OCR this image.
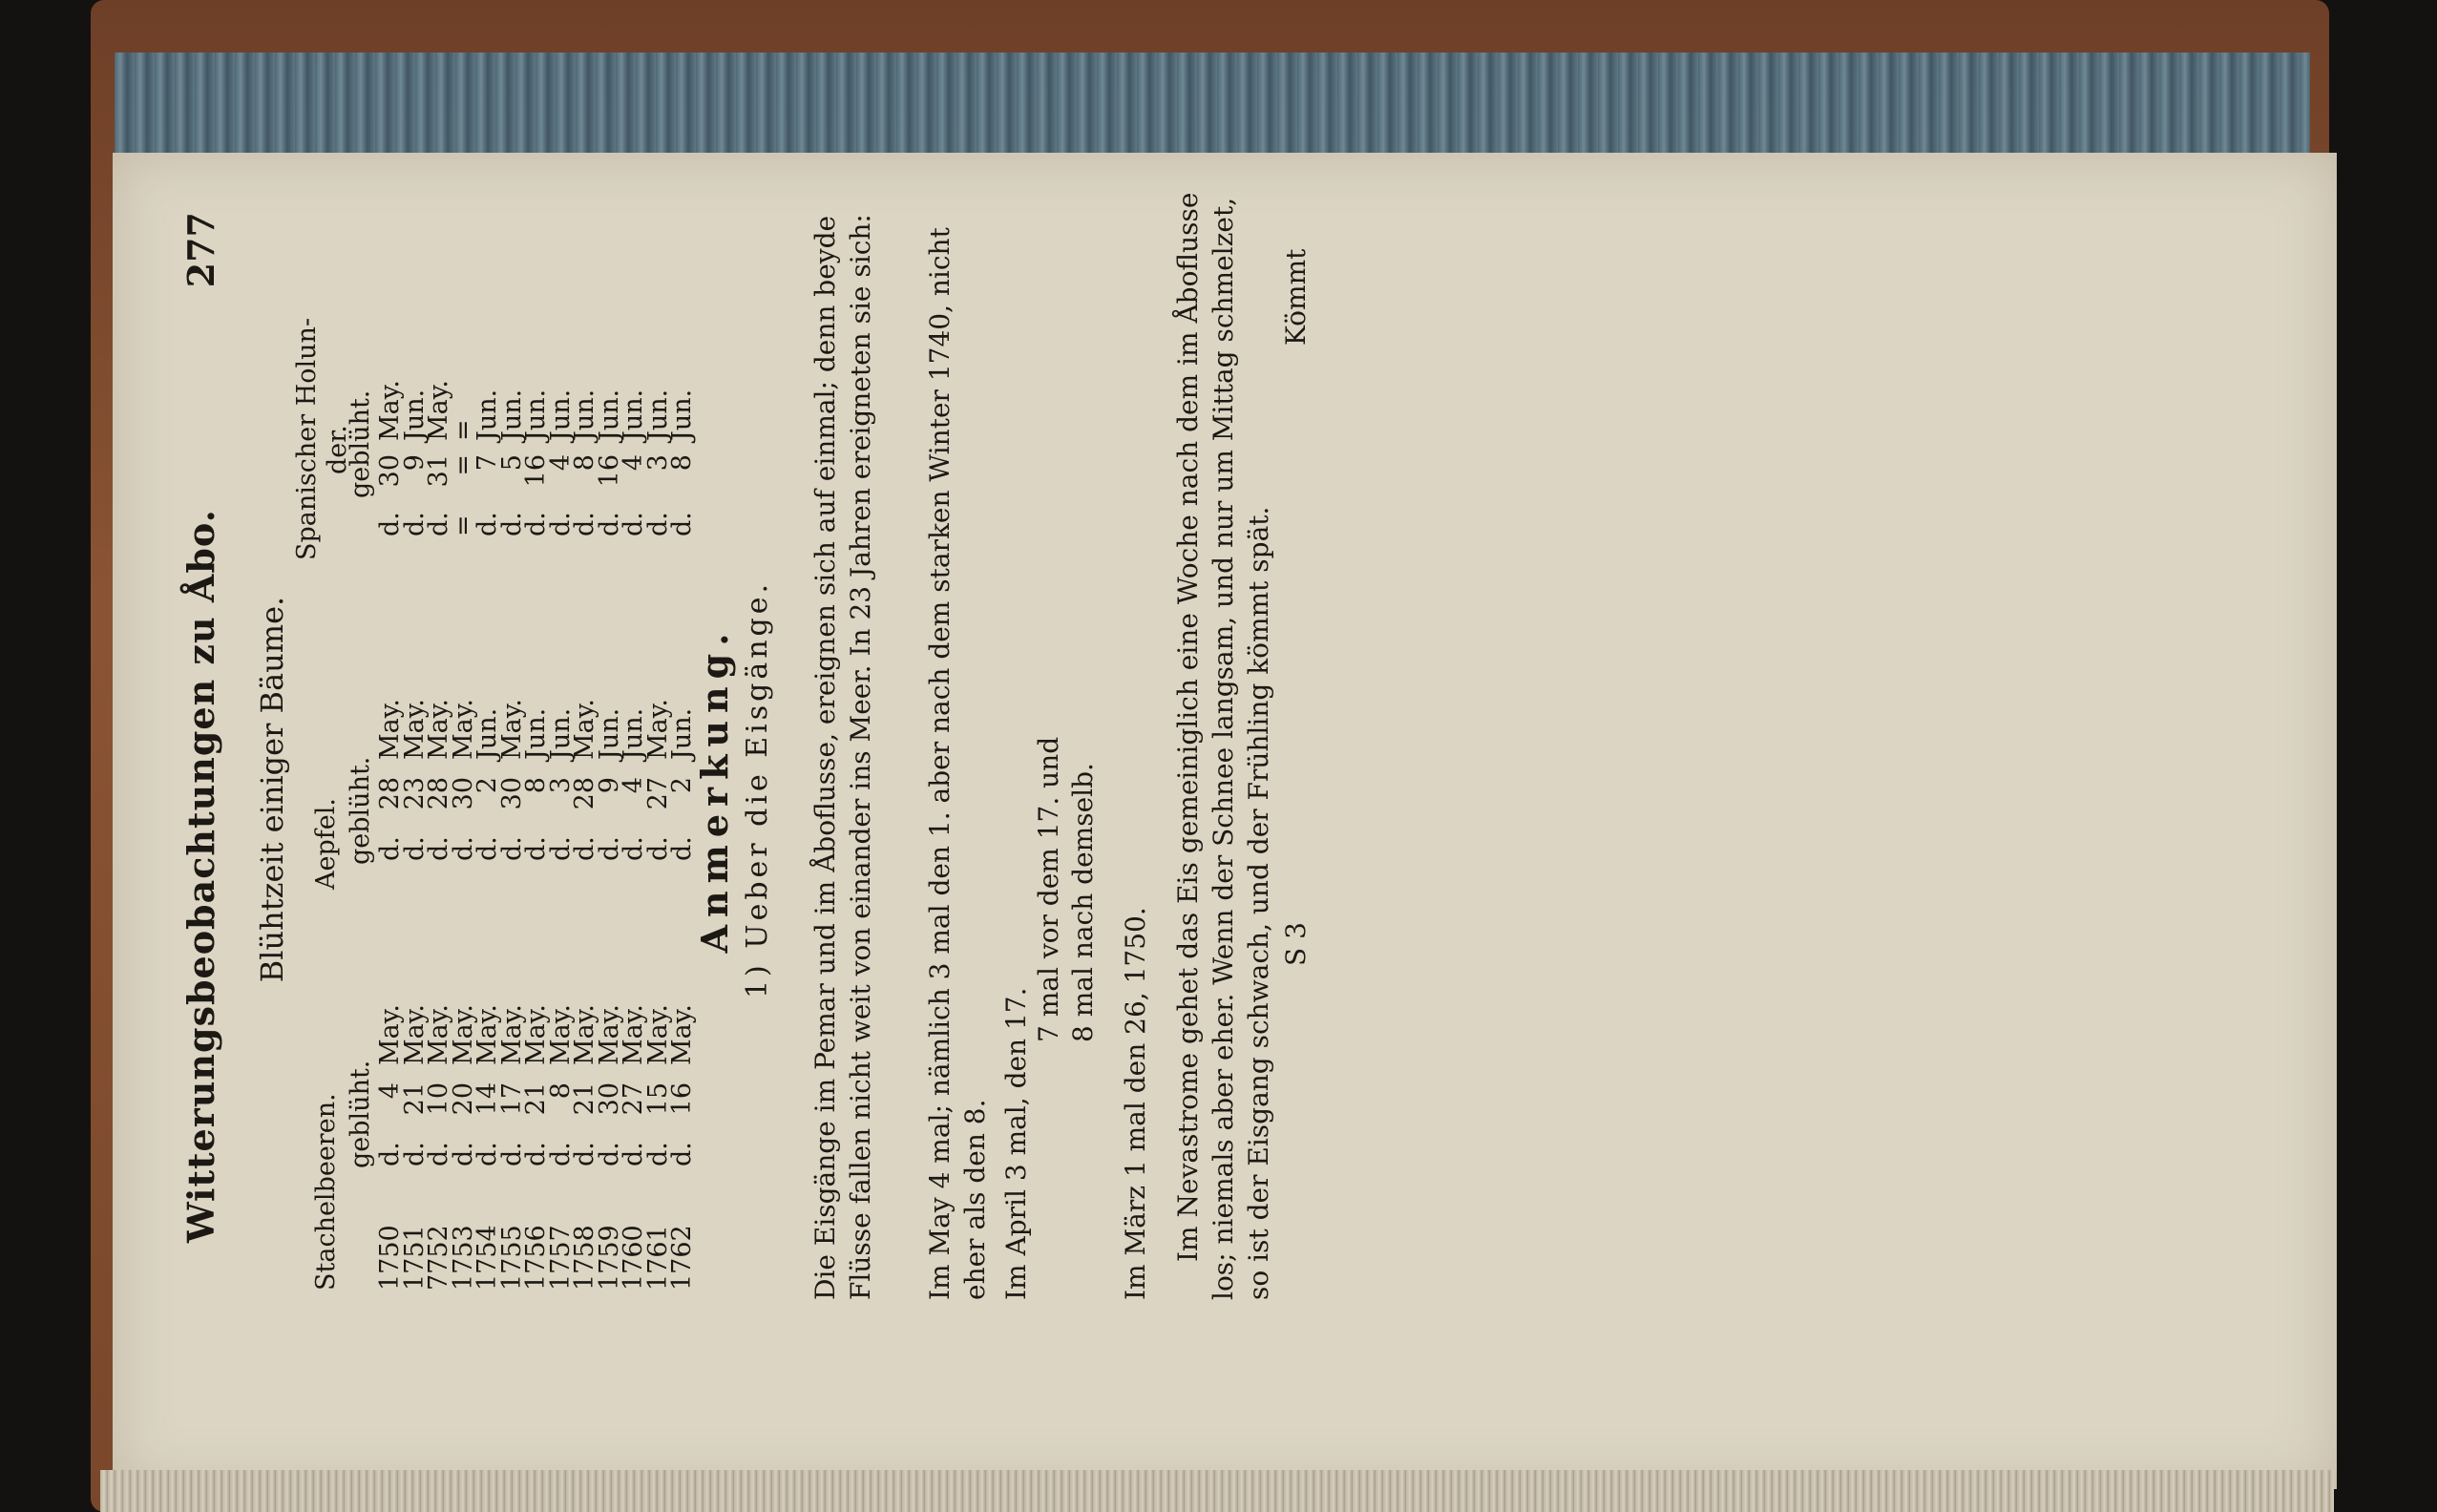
Witterungsbeobachtungen zu Åbo.
277
Blühtzeit einiger Bäume.
Stachelbeeren.
Aepfel.
Spanischer Holun- der.
geblüht.
geblüht.
geblüht.
1750
d.
4
May.
d.
28
May.
d.
30
May.
1751
d.
21
May.
d.
23
May.
d.
9
Jun.
7752
d.
10
May.
d.
28
May.
d.
31
May.
1753
d.
20
May.
d.
30
May.
=
=
=
1754
d.
14
May.
d.
2
Jun.
d.
7
Jun.
1755
d.
17
May.
d.
30
May.
d.
5
Jun.
1756
d.
21
May.
d.
8
Jun.
d.
16
Jun.
1757
d.
8
May.
d.
3
Jun.
d.
4
Jun.
1758
d.
21
May.
d.
28
May.
d.
8
Jun.
1759
d.
30
May.
d.
9
Jun.
d.
16
Jun.
1760
d.
27
May.
d.
4
Jun.
d.
4
Jun.
1761
d.
15
May.
d.
27
May.
d.
3
Jun.
1762
d.
16
May.
d.
2
Jun.
d.
8
Jun.
Anmerkung. 1) Ueber die Eisgänge. Die Eisgänge im Pemar und im Åboflusse, ereignen sich auf einmal; denn beyde Flüsse fallen nicht weit von einander ins Meer. In 23 Jahren ereigneten sie sich: Im May 4 mal; nämlich 3 mal den 1. aber nach dem starken Winter 1740, nicht eher als den 8. Im April 3 mal, den 17.
7 mal vor dem 17. und 8 mal nach demselb.
Im März 1 mal den 26, 1750. Im Nevastrome gehet das Eis gemeiniglich eine Woche nach dem im Åboflusse los; niemals aber eher. Wenn der Schnee langsam, und nur um Mittag schmelzet, so ist der Eisgang schwach, und der Frühling kömmt spät. S 3
Kömmt
